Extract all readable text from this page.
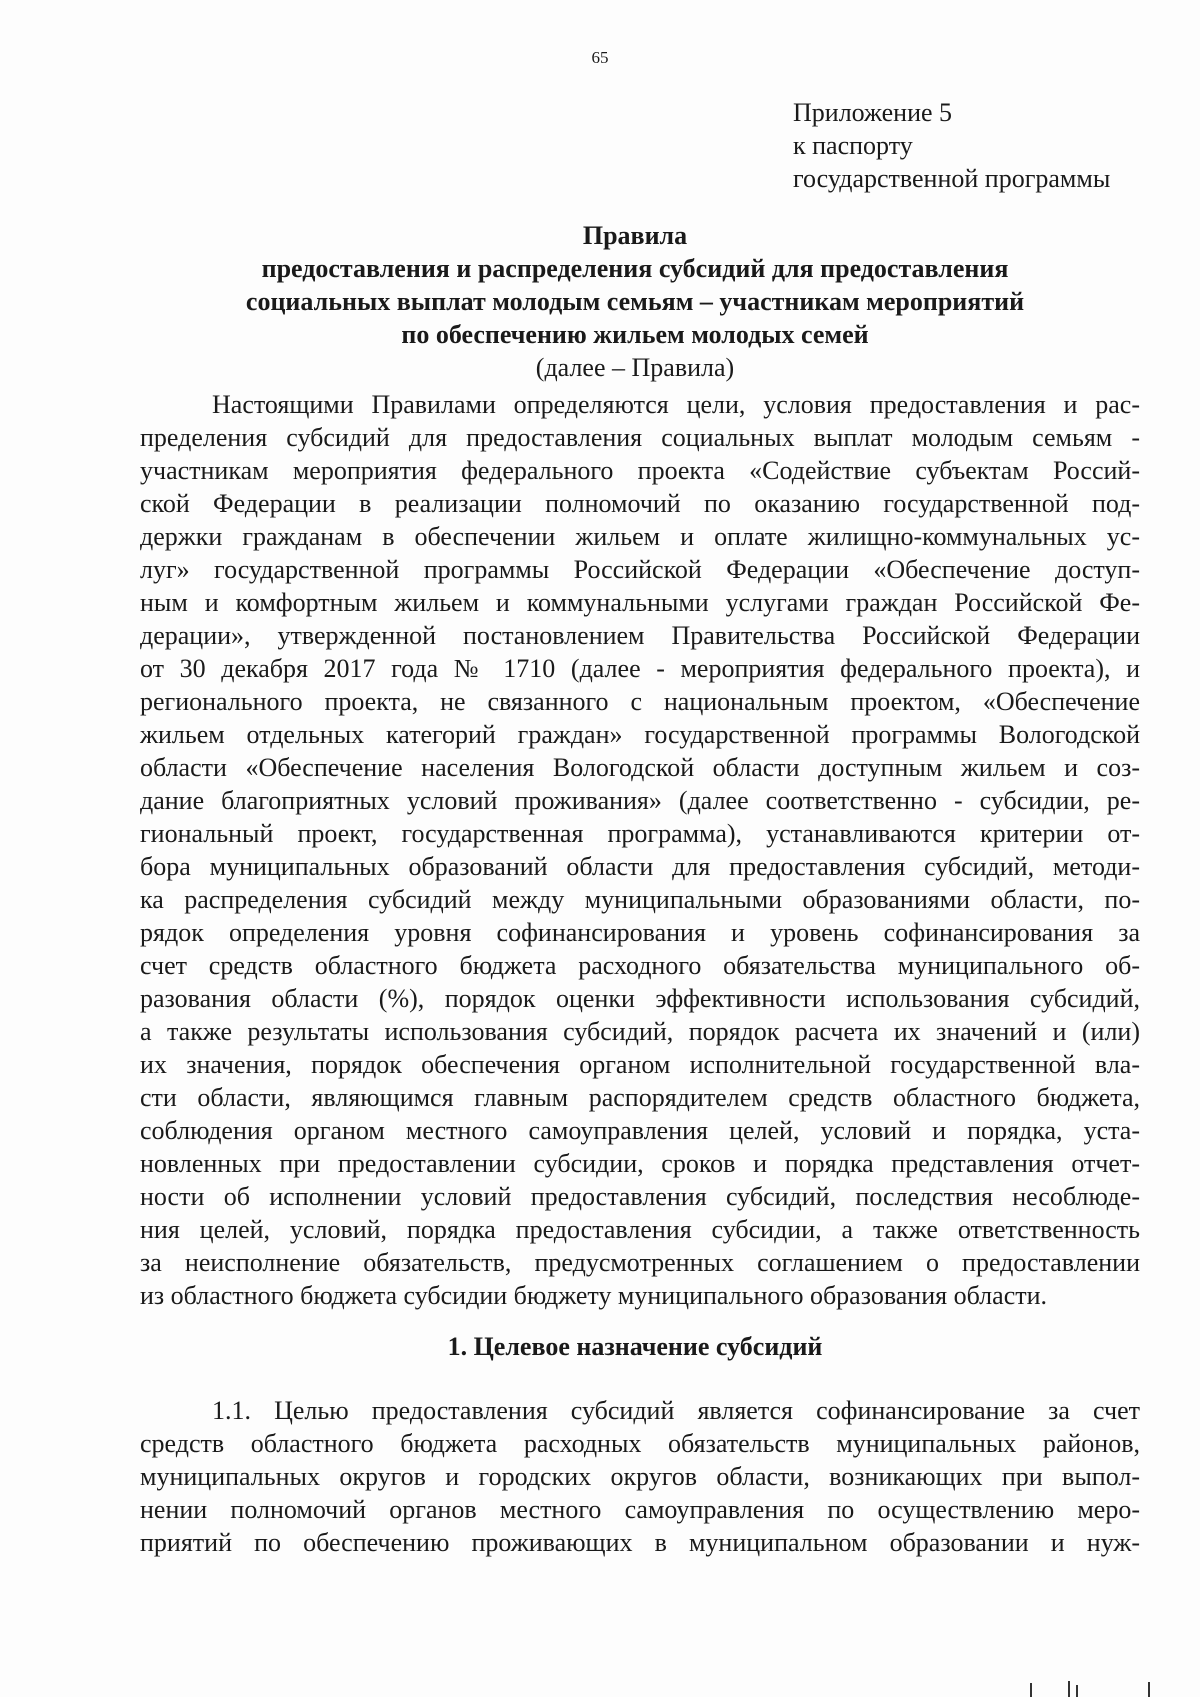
65
Приложение 5
к паспорту
государственной программы
Правила
предоставления и распределения субсидий для предоставления
социальных выплат молодым семьям – участникам мероприятий
по обеспечению жильем молодых семей
(далее – Правила)
Настоящими Правилами определяются цели, условия предоставления и рас-
пределения субсидий для предоставления социальных выплат молодым семьям -
участникам мероприятия федерального проекта «Содействие субъектам Россий-
ской Федерации в реализации полномочий по оказанию государственной под-
держки гражданам в обеспечении жильем и оплате жилищно-коммунальных ус-
луг» государственной программы Российской Федерации «Обеспечение доступ-
ным и комфортным жильем и коммунальными услугами граждан Российской Фе-
дерации», утвержденной постановлением Правительства Российской Федерации
от 30 декабря 2017 года № 1710 (далее - мероприятия федерального проекта), и
регионального проекта, не связанного с национальным проектом, «Обеспечение
жильем отдельных категорий граждан» государственной программы Вологодской
области «Обеспечение населения Вологодской области доступным жильем и соз-
дание благоприятных условий проживания» (далее соответственно - субсидии, ре-
гиональный проект, государственная программа), устанавливаются критерии от-
бора муниципальных образований области для предоставления субсидий, методи-
ка распределения субсидий между муниципальными образованиями области, по-
рядок определения уровня софинансирования и уровень софинансирования за
счет средств областного бюджета расходного обязательства муниципального об-
разования области (%), порядок оценки эффективности использования субсидий,
а также результаты использования субсидий, порядок расчета их значений и (или)
их значения, порядок обеспечения органом исполнительной государственной вла-
сти области, являющимся главным распорядителем средств областного бюджета,
соблюдения органом местного самоуправления целей, условий и порядка, уста-
новленных при предоставлении субсидии, сроков и порядка представления отчет-
ности об исполнении условий предоставления субсидий, последствия несоблюде-
ния целей, условий, порядка предоставления субсидии, а также ответственность
за неисполнение обязательств, предусмотренных соглашением о предоставлении
из областного бюджета субсидии бюджету муниципального образования области.
1. Целевое назначение субсидий
1.1. Целью предоставления субсидий является софинансирование за счет
средств областного бюджета расходных обязательств муниципальных районов,
муниципальных округов и городских округов области, возникающих при выпол-
нении полномочий органов местного самоуправления по осуществлению меро-
приятий по обеспечению проживающих в муниципальном образовании и нуж-
